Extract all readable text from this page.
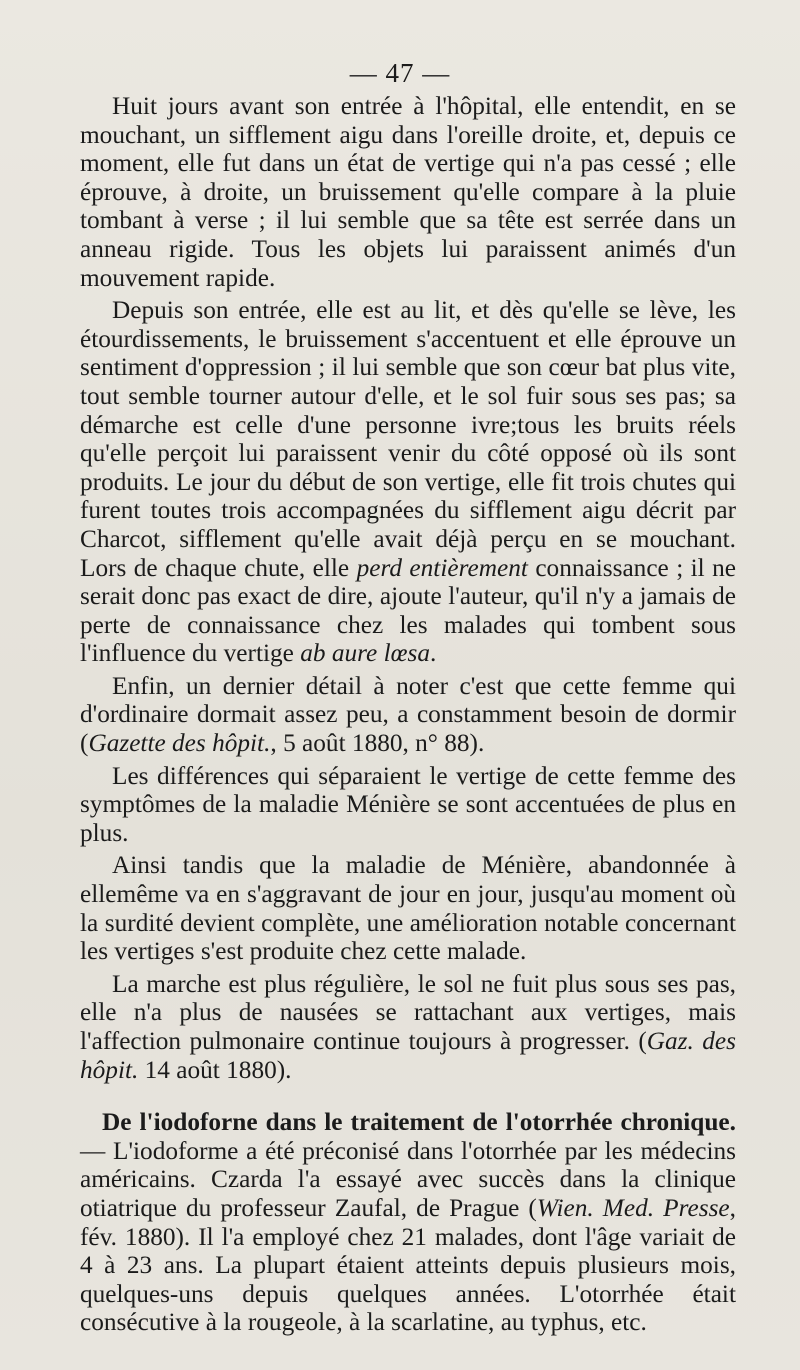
— 47 —

Huit jours avant son entrée à l'hôpital, elle entendit, en se mouchant, un sifflement aigu dans l'oreille droite, et, depuis ce moment, elle fut dans un état de vertige qui n'a pas cessé ; elle éprouve, à droite, un bruissement qu'elle compare à la pluie tombant à verse ; il lui semble que sa tête est serrée dans un anneau rigide. Tous les objets lui paraissent animés d'un mouvement rapide.

Depuis son entrée, elle est au lit, et dès qu'elle se lève, les étourdissements, le bruissement s'accentuent et elle éprouve un sentiment d'oppression ; il lui semble que son cœur bat plus vite, tout semble tourner autour d'elle, et le sol fuir sous ses pas; sa démarche est celle d'une personne ivre;tous les bruits réels qu'elle perçoit lui paraissent venir du côté opposé où ils sont produits. Le jour du début de son vertige, elle fit trois chutes qui furent toutes trois accompagnées du sifflement aigu décrit par Charcot, sifflement qu'elle avait déjà perçu en se mouchant. Lors de chaque chute, elle perd entièrement connaissance ; il ne serait donc pas exact de dire, ajoute l'auteur, qu'il n'y a jamais de perte de connaissance chez les malades qui tombent sous l'influence du vertige ab aure lœsa.

Enfin, un dernier détail à noter c'est que cette femme qui d'ordinaire dormait assez peu, a constamment besoin de dormir (Gazette des hôpit., 5 août 1880, n° 88).

Les différences qui séparaient le vertige de cette femme des symptômes de la maladie Ménière se sont accentuées de plus en plus.

Ainsi tandis que la maladie de Ménière, abandonnée à ellemême va en s'aggravant de jour en jour, jusqu'au moment où la surdité devient complète, une amélioration notable concernant les vertiges s'est produite chez cette malade.

La marche est plus régulière, le sol ne fuit plus sous ses pas, elle n'a plus de nausées se rattachant aux vertiges, mais l'affection pulmonaire continue toujours à progresser. (Gaz. des hôpit. 14 août 1880).

De l'iodoforne dans le traitement de l'otorrhée chronique. — L'iodoforme a été préconisé dans l'otorrhée par les médecins américains. Czarda l'a essayé avec succès dans la clinique otiatrique du professeur Zaufal, de Prague (Wien. Med. Presse, fév. 1880). Il l'a employé chez 21 malades, dont l'âge variait de 4 à 23 ans. La plupart étaient atteints depuis plusieurs mois, quelques-uns depuis quelques années. L'otorrhée était consécutive à la rougeole, à la scarlatine, au typhus, etc.
